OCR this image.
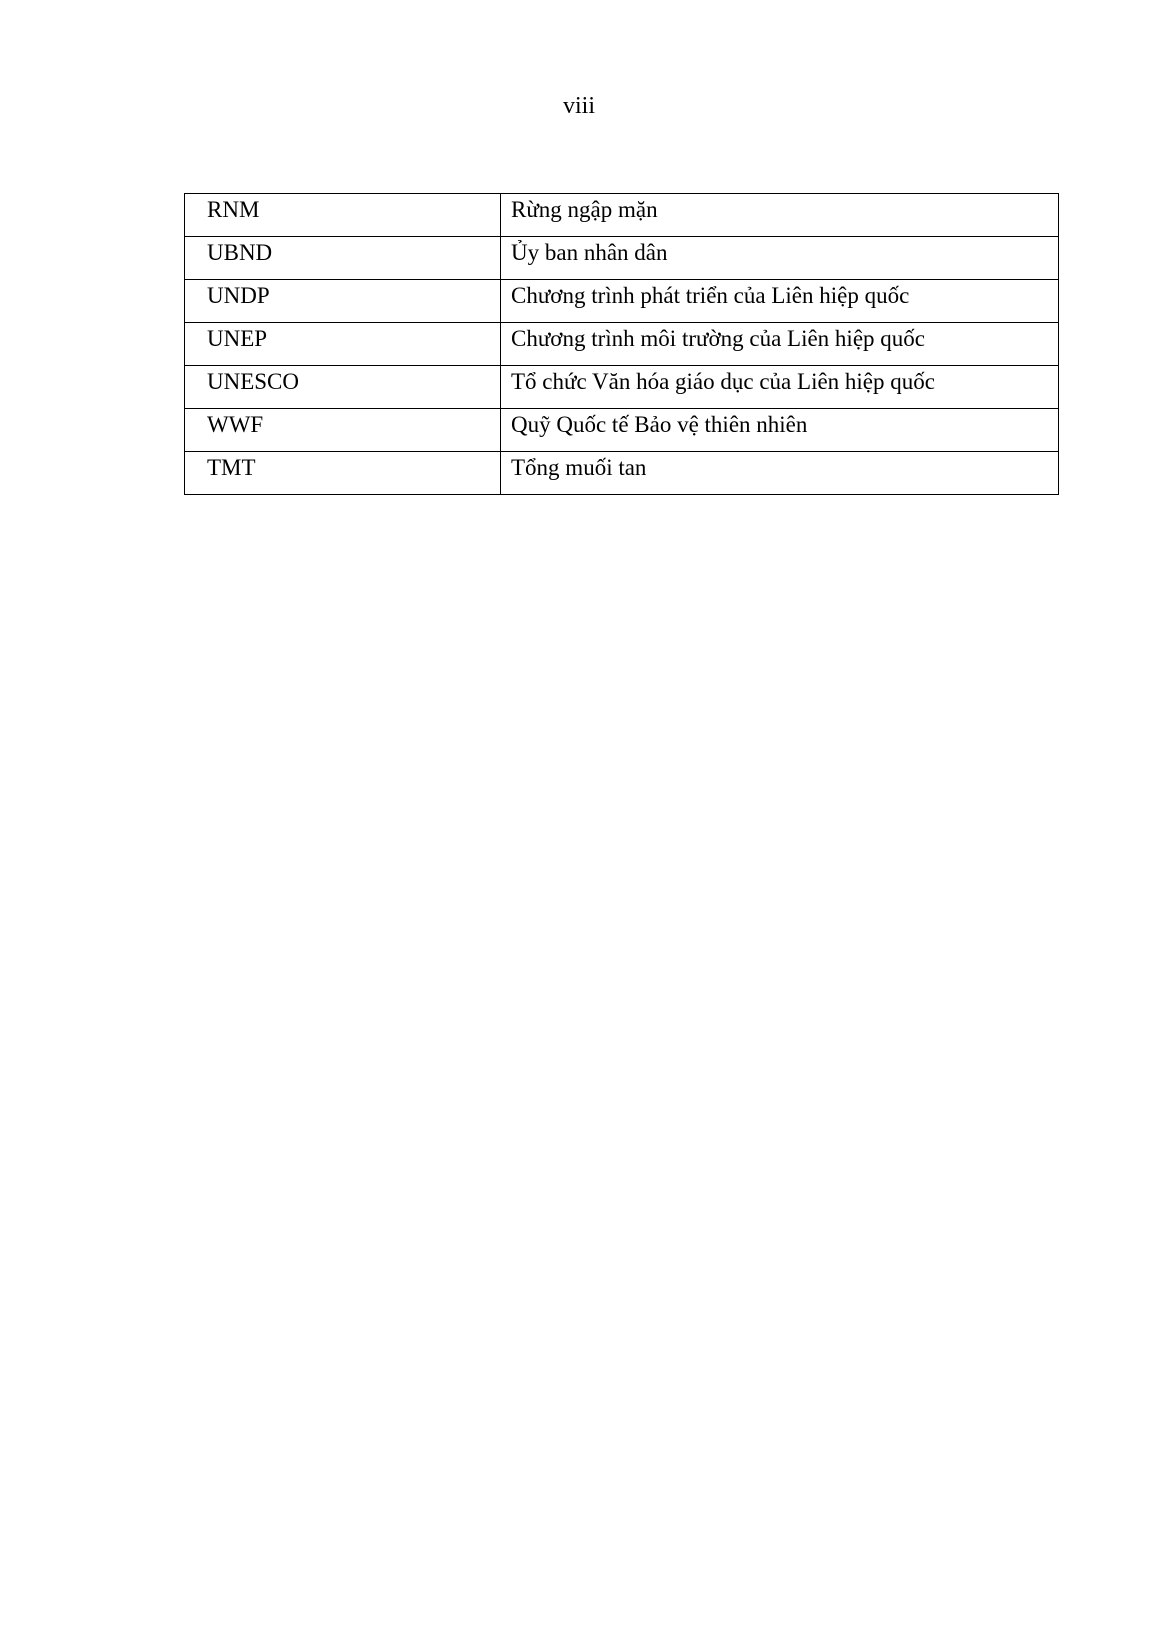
viii
RNM	Rừng ngập mặn
UBND	Ủy ban nhân dân
UNDP	Chương trình phát triển của Liên hiệp quốc
UNEP	Chương trình môi trường của Liên hiệp quốc
UNESCO	Tổ chức Văn hóa giáo dục của Liên hiệp quốc
WWF	Quỹ Quốc tế Bảo vệ thiên nhiên
TMT	Tổng muối tan
